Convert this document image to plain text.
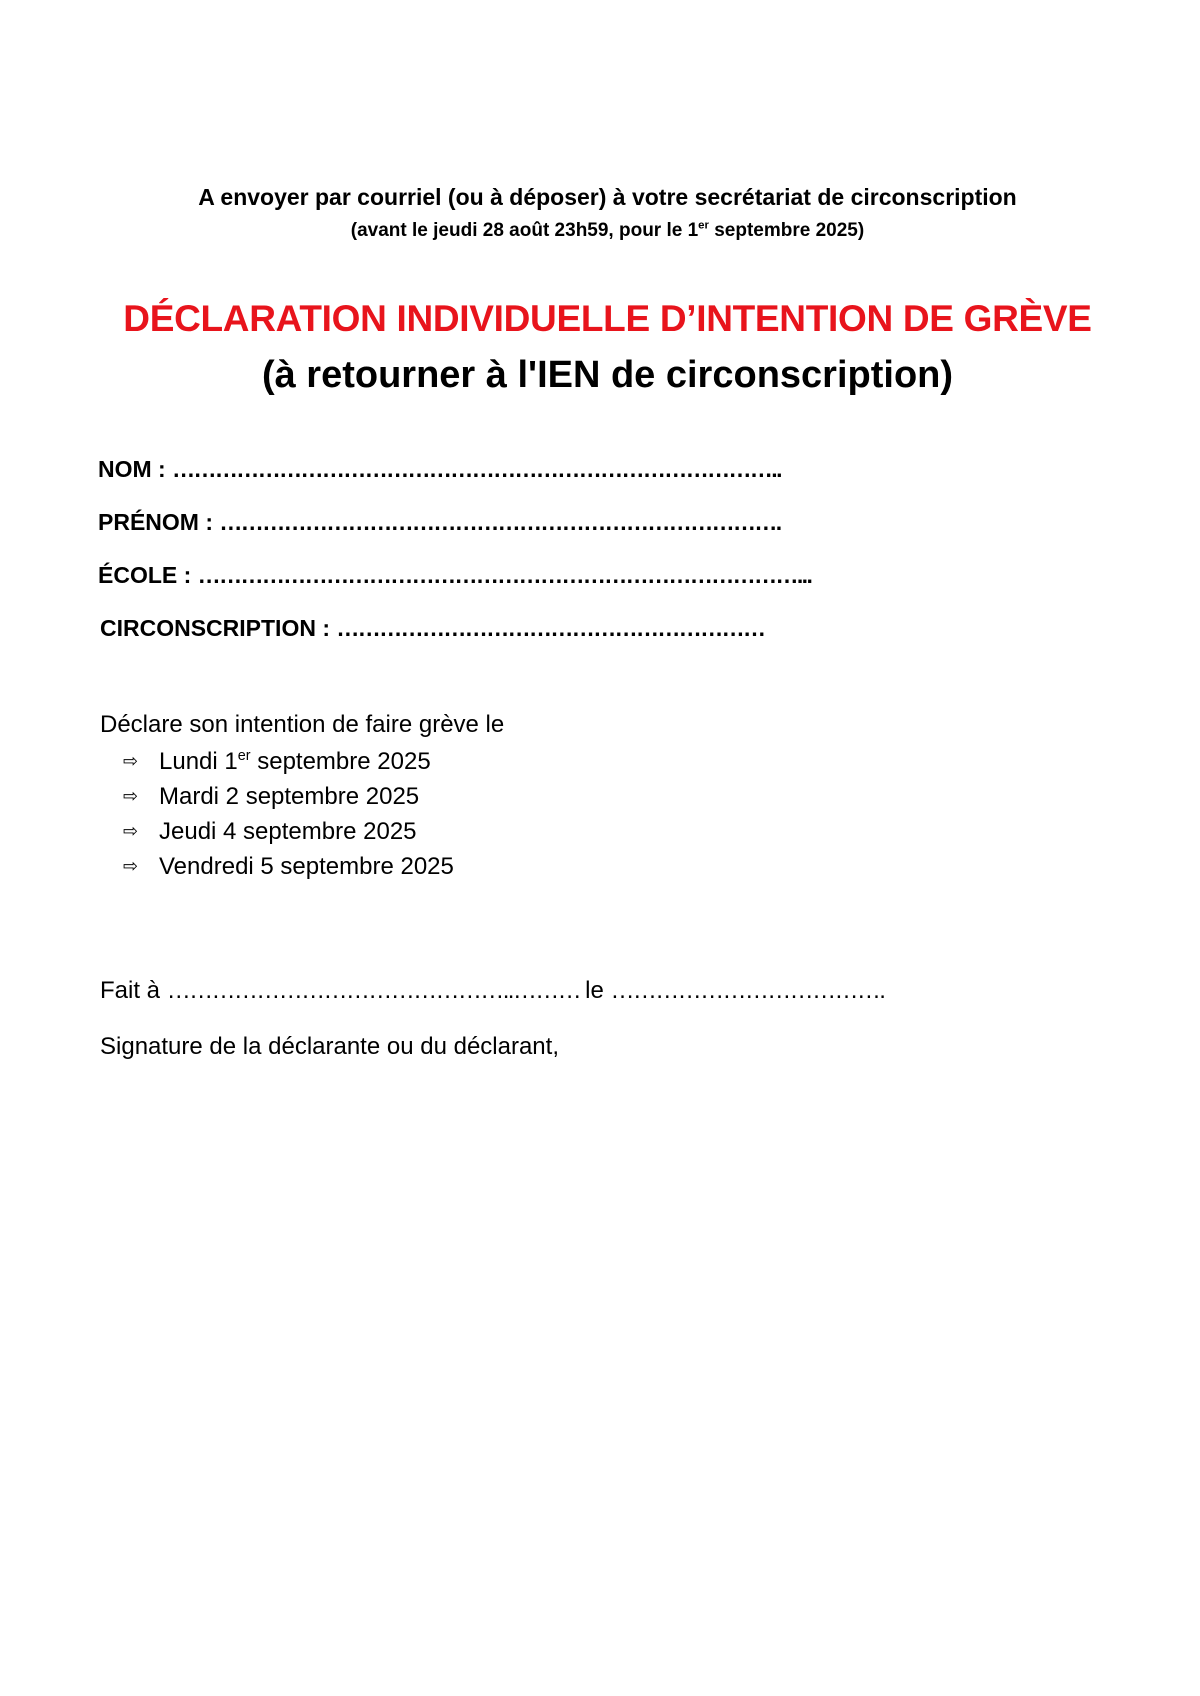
A envoyer par courriel (ou à déposer) à votre secrétariat de circonscription
(avant le jeudi 28 août 23h59, pour le 1er septembre 2025)
DÉCLARATION INDIVIDUELLE D’INTENTION DE GRÈVE
(à retourner à l'IEN de circonscription)
NOM : …………………………………………………………………………..
PRÉNOM : …………………………………………………………………….
ÉCOLE : …………………………………………………………………………...
CIRCONSCRIPTION : ……………………………………………………
Déclare son intention de faire grève le
⇨ Lundi 1er septembre 2025
⇨ Mardi 2 septembre 2025
⇨ Jeudi 4 septembre 2025
⇨ Vendredi 5 septembre 2025
Fait à ………………………………………..……… le ……………………………….
Signature de la déclarante ou du déclarant,
